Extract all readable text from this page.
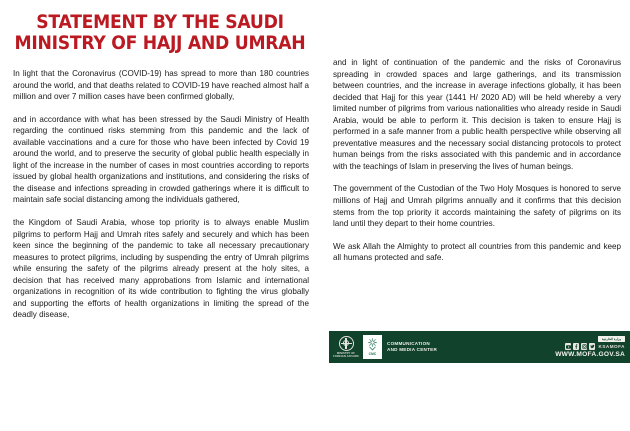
STATEMENT BY THE SAUDI
MINISTRY OF HAJJ AND UMRAH

In light that the Coronavirus (COVID-19) has spread to more than 180 countries around the world, and that deaths related to COVID-19 have reached almost half a million and over 7 million cases have been confirmed globally,

and in accordance with what has been stressed by the Saudi Ministry of Health regarding the continued risks stemming from this pandemic and the lack of available vaccinations and a cure for those who have been infected by Covid 19 around the world, and to preserve the security of global public health especially in light of the increase in the number of cases in most countries according to reports issued by global health organizations and institutions, and considering the risks of the disease and infections spreading in crowded gatherings where it is difficult to maintain safe social distancing among the individuals gathered,

the Kingdom of Saudi Arabia, whose top priority is to always enable Muslim pilgrims to perform Hajj and Umrah rites safely and securely and which has been keen since the beginning of the pandemic to take all necessary precautionary measures to protect pilgrims, including by suspending the entry of Umrah pilgrims while ensuring the safety of the pilgrims already present at the holy sites, a decision that has received many approbations from Islamic and international organizations in recognition of its wide contribution to fighting the virus globally and supporting the efforts of health organizations in limiting the spread of the deadly disease,

and in light of continuation of the pandemic and the risks of Coronavirus spreading in crowded spaces and large gatherings, and its transmission between countries, and the increase in average infections globally, it has been decided that Hajj for this year (1441 H/ 2020 AD) will be held whereby a very limited number of pilgrims from various nationalities who already reside in Saudi Arabia, would be able to perform it. This decision is taken to ensure Hajj is performed in a safe manner from a public health perspective while observing all preventative measures and the necessary social distancing protocols to protect human beings from the risks associated with this pandemic and in accordance with the teachings of Islam in preserving the lives of human beings.

The government of the Custodian of the Two Holy Mosques is honored to serve millions of Hajj and Umrah pilgrims annually and it confirms that this decision stems from the top priority it accords maintaining the safety of pilgrims on its land until they depart to their home countries.

We ask Allah the Almighty to protect all countries from this pandemic and keep all humans protected and safe.

MINISTRY OF
FOREIGN AFFAIRS
CMC
COMMUNICATION
AND MEDIA CENTER
وزارة الخارجية
KSAMOFA
WWW.MOFA.GOV.SA
